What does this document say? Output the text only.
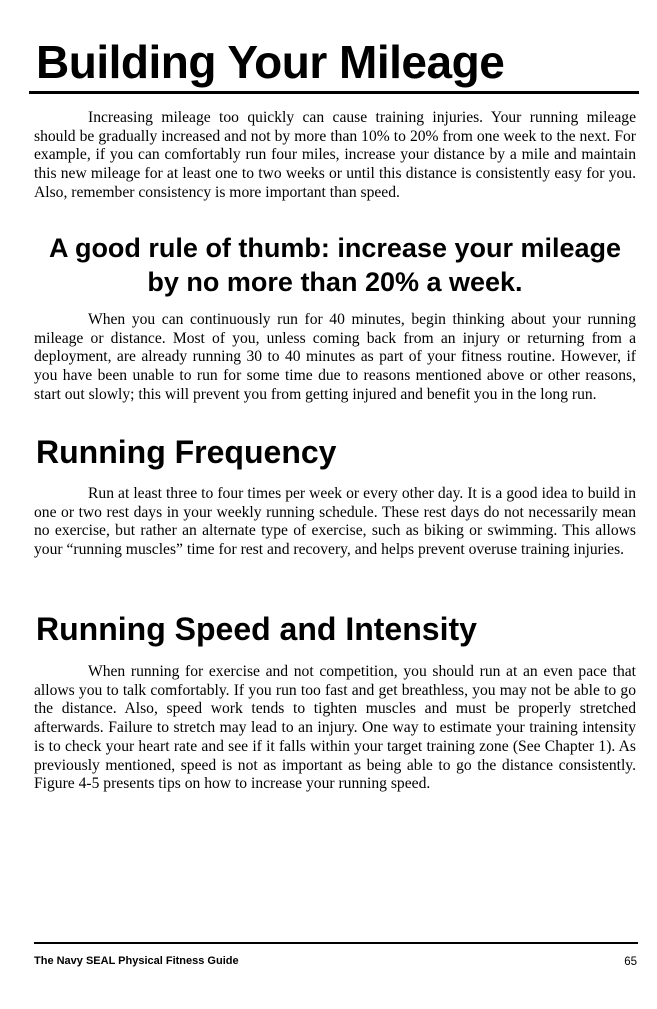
Building Your Mileage

Increasing mileage too quickly can cause training injuries. Your running mileage should be gradually increased and not by more than 10% to 20% from one week to the next. For example, if you can comfortably run four miles, increase your distance by a mile and maintain this new mileage for at least one to two weeks or until this distance is consistently easy for you. Also, remember consistency is more important than speed.

A good rule of thumb: increase your mileage by no more than 20% a week.

When you can continuously run for 40 minutes, begin thinking about your running mileage or distance. Most of you, unless coming back from an injury or returning from a deployment, are already running 30 to 40 minutes as part of your fitness routine. However, if you have been unable to run for some time due to reasons mentioned above or other reasons, start out slowly; this will prevent you from getting injured and benefit you in the long run.

Running Frequency

Run at least three to four times per week or every other day. It is a good idea to build in one or two rest days in your weekly running schedule. These rest days do not necessarily mean no exercise, but rather an alternate type of exercise, such as biking or swimming. This allows your “running muscles” time for rest and recovery, and helps prevent overuse training injuries.

Running Speed and Intensity

When running for exercise and not competition, you should run at an even pace that allows you to talk comfortably. If you run too fast and get breathless, you may not be able to go the distance. Also, speed work tends to tighten muscles and must be properly stretched afterwards. Failure to stretch may lead to an injury. One way to estimate your training intensity is to check your heart rate and see if it falls within your target training zone (See Chapter 1). As previously mentioned, speed is not as important as being able to go the distance consistently. Figure 4-5 presents tips on how to increase your running speed.

The Navy SEAL Physical Fitness Guide	65
